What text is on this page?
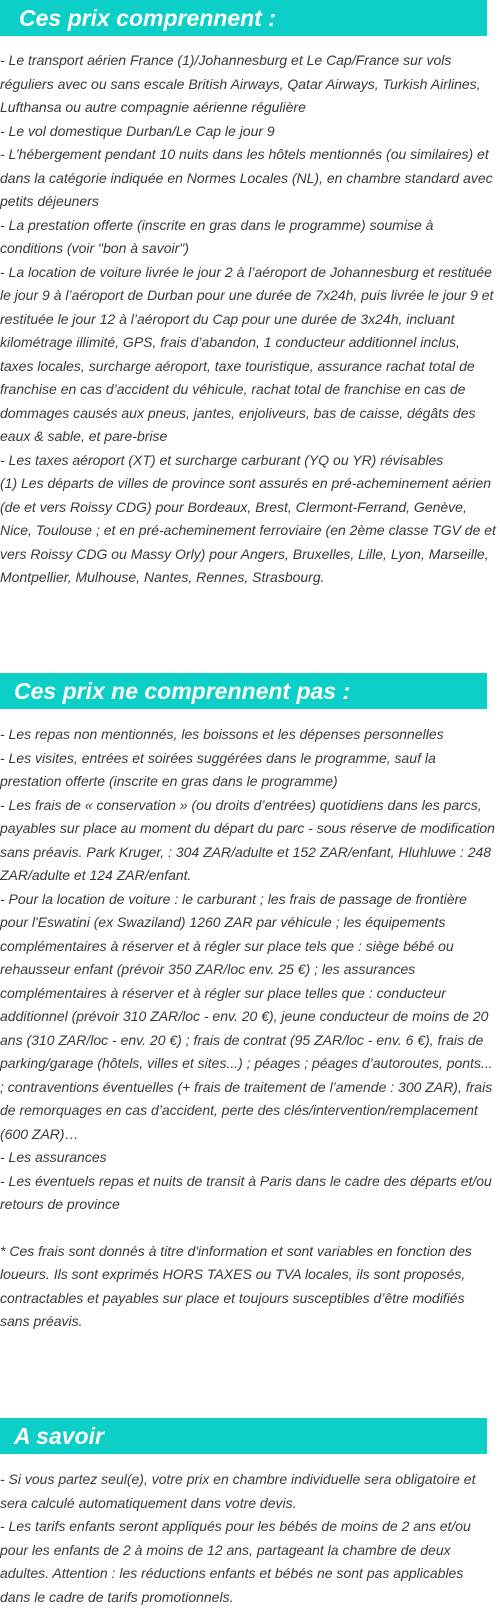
Ces prix comprennent :
- Le transport aérien France (1)/Johannesburg et Le Cap/France sur vols réguliers avec ou sans escale British Airways, Qatar Airways, Turkish Airlines, Lufthansa ou autre compagnie aérienne régulière
- Le vol domestique Durban/Le Cap le jour 9
- L’hébergement pendant 10 nuits dans les hôtels mentionnés (ou similaires) et dans la catégorie indiquée en Normes Locales (NL), en chambre standard avec petits déjeuners
- La prestation offerte (inscrite en gras dans le programme) soumise à conditions (voir "bon à savoir")
- La location de voiture livrée le jour 2 à l’aéroport de Johannesburg et restituée le jour 9 à l’aéroport de Durban pour une durée de 7x24h, puis livrée le jour 9 et restituée le jour 12 à l’aéroport du Cap pour une durée de 3x24h, incluant kilométrage illimité, GPS, frais d’abandon, 1 conducteur additionnel inclus, taxes locales, surcharge aéroport, taxe touristique, assurance rachat total de franchise en cas d’accident du véhicule, rachat total de franchise en cas de dommages causés aux pneus, jantes, enjoliveurs, bas de caisse, dégâts des eaux & sable, et pare-brise
- Les taxes aéroport (XT) et surcharge carburant (YQ ou YR) révisables
(1) Les départs de villes de province sont assurés en pré-acheminement aérien (de et vers Roissy CDG) pour Bordeaux, Brest, Clermont-Ferrand, Genève, Nice, Toulouse ; et en pré-acheminement ferroviaire (en 2ème classe TGV de et vers Roissy CDG ou Massy Orly) pour Angers, Bruxelles, Lille, Lyon, Marseille, Montpellier, Mulhouse, Nantes, Rennes, Strasbourg.
Ces prix ne comprennent pas :
- Les repas non mentionnés, les boissons et les dépenses personnelles
- Les visites, entrées et soirées suggérées dans le programme, sauf la prestation offerte (inscrite en gras dans le programme)
- Les frais de « conservation » (ou droits d’entrées) quotidiens dans les parcs, payables sur place au moment du départ du parc - sous réserve de modification sans préavis. Park Kruger, : 304 ZAR/adulte et 152 ZAR/enfant, Hluhluwe : 248 ZAR/adulte et 124 ZAR/enfant.
- Pour la location de voiture : le carburant ; les frais de passage de frontière pour l'Eswatini (ex Swaziland) 1260 ZAR par véhicule ; les équipements complémentaires à réserver et à régler sur place tels que : siège bébé ou rehausseur enfant (prévoir 350 ZAR/loc env. 25 €) ; les assurances complémentaires à réserver et à régler sur place telles que : conducteur additionnel (prévoir 310 ZAR/loc - env. 20 €), jeune conducteur de moins de 20 ans (310 ZAR/loc - env. 20 €) ; frais de contrat (95 ZAR/loc - env. 6 €), frais de parking/garage (hôtels, villes et sites...) ; péages ; péages d’autoroutes, ponts... ; contraventions éventuelles (+ frais de traitement de l’amende : 300 ZAR), frais de remorquages en cas d’accident, perte des clés/intervention/remplacement (600 ZAR)…
- Les assurances
- Les éventuels repas et nuits de transit à Paris dans le cadre des départs et/ou retours de province

* Ces frais sont donnés à titre d'information et sont variables en fonction des loueurs. Ils sont exprimés HORS TAXES ou TVA locales, ils sont proposés, contractables et payables sur place et toujours susceptibles d’être modifiés sans préavis.

A savoir
- Si vous partez seul(e), votre prix en chambre individuelle sera obligatoire et sera calculé automatiquement dans votre devis.
- Les tarifs enfants seront appliqués pour les bébés de moins de 2 ans et/ou pour les enfants de 2 à moins de 12 ans, partageant la chambre de deux adultes. Attention : les réductions enfants et bébés ne sont pas applicables dans le cadre de tarifs promotionnels.
